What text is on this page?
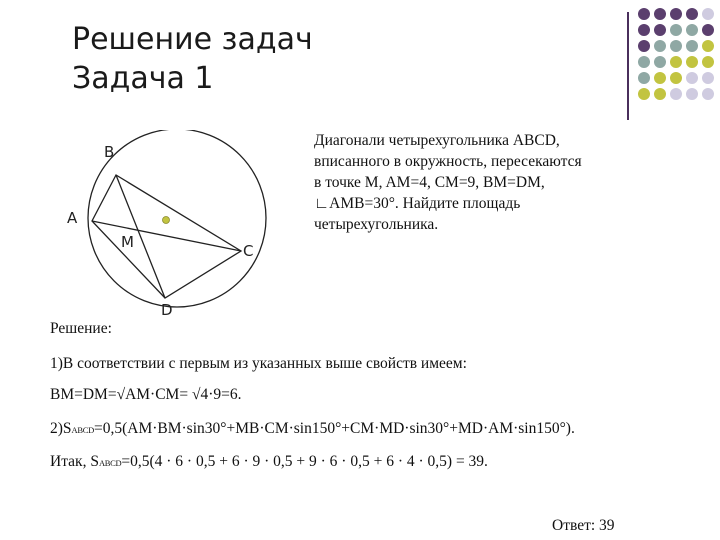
Решение задач
Задача 1
B
A
M	C
D

Диагонали четырехугольника ABCD,
вписанного в окружность, пересекаются
в точке M, AM=4, CM=9, BM=DM,
∟AMB=30°. Найдите площадь
четырехугольника.

Решение:

1)В соответствии с первым из указанных выше свойств имеем:

BM=DM=√AM·CM= √4·9=6.

2)SABCD=0,5(AM·BM·sin30°+MB·CM·sin150°+CM·MD·sin30°+MD·AM·sin150°).

Итак, SABCD=0,5(4 · 6 · 0,5 + 6 · 9 · 0,5 + 9 · 6 · 0,5 + 6 · 4 · 0,5) = 39.

Ответ: 39
